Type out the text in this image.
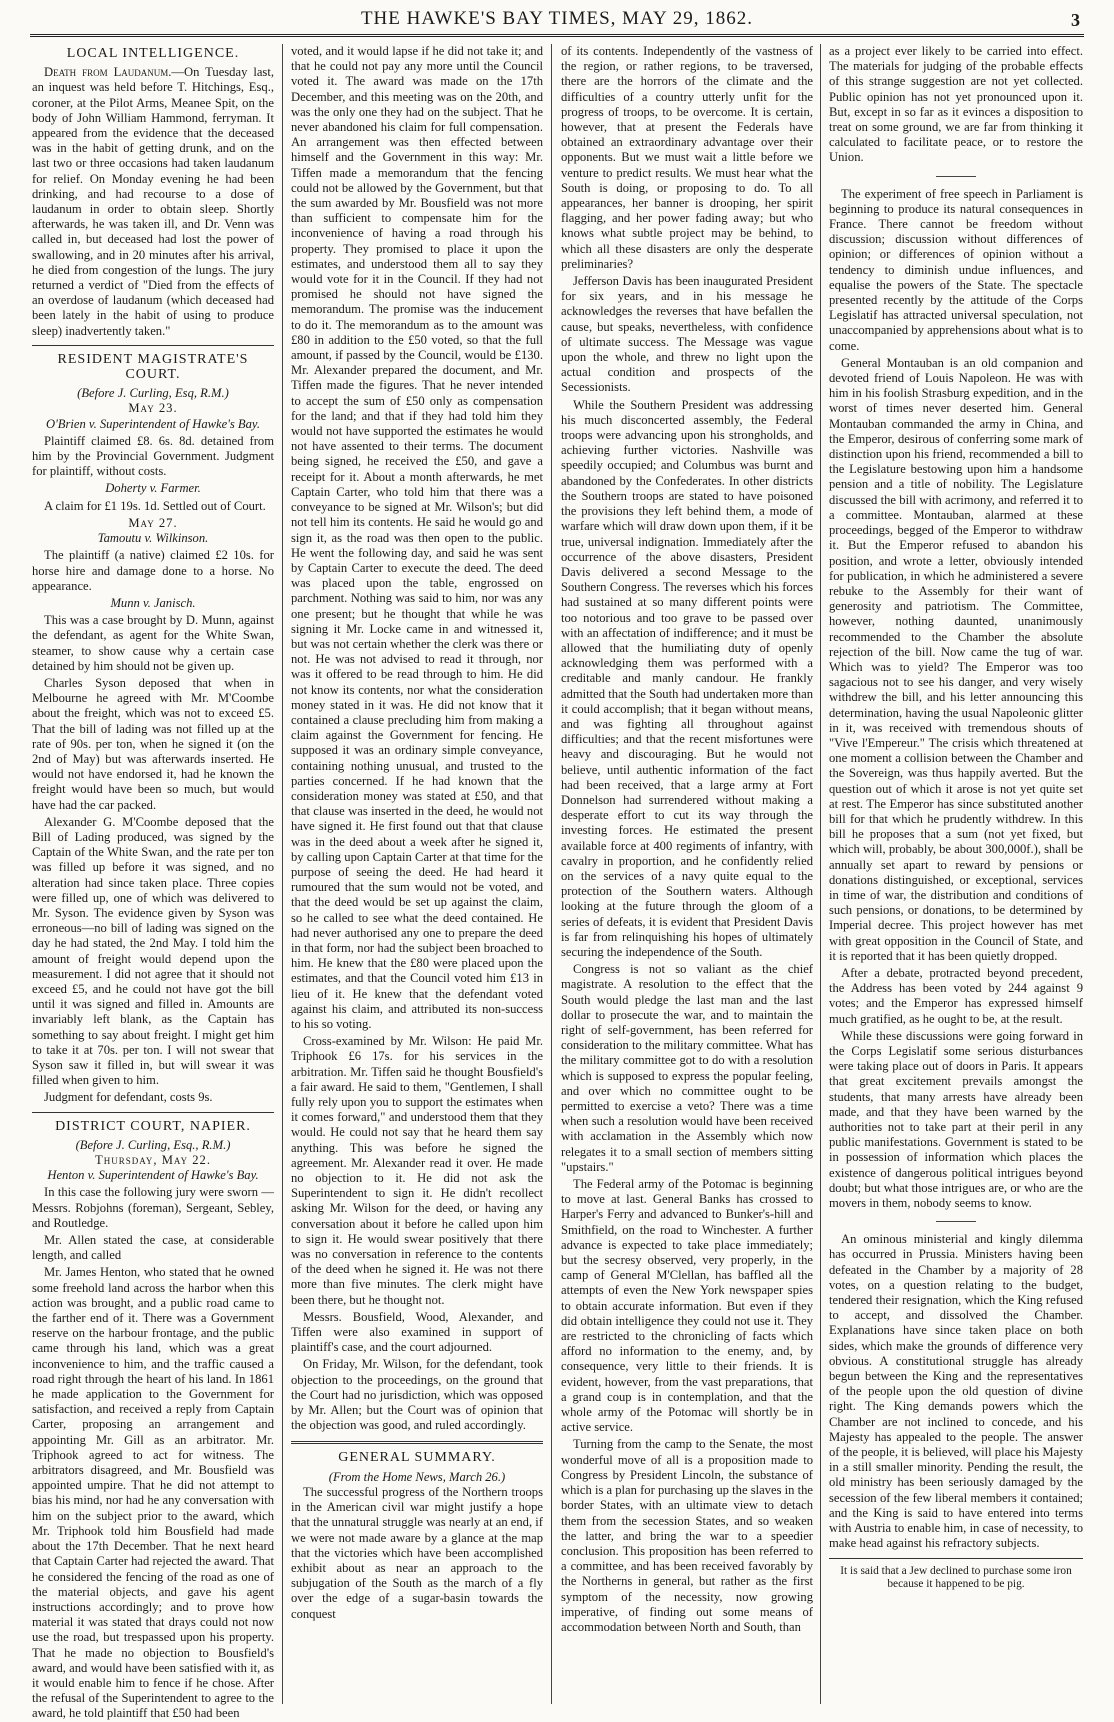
THE HAWKE'S BAY TIMES, MAY 29, 1862.	3
LOCAL INTELLIGENCE.

Death from Laudanum.—On Tuesday last, an inquest was held before T. Hitchings, Esq., coroner, at the Pilot Arms, Meanee Spit, on the body of John William Hammond, ferryman. It appeared from the evidence that the deceased was in the habit of getting drunk, and on the last two or three occasions had taken laudanum for relief. On Monday evening he had been drinking, and had recourse to a dose of laudanum in order to obtain sleep. Shortly afterwards, he was taken ill, and Dr. Venn was called in, but deceased had lost the power of swallowing, and in 20 minutes after his arrival, he died from congestion of the lungs. The jury returned a verdict of "Died from the effects of an overdose of laudanum (which deceased had been lately in the habit of using to produce sleep) inadvertently taken."

RESIDENT MAGISTRATE'S COURT.
(Before J. Curling, Esq, R.M.)
May 23.
O'Brien v. Superintendent of Hawke's Bay.

Plaintiff claimed £8. 6s. 8d. detained from him by the Provincial Government. Judgment for plaintiff, without costs.

Doherty v. Farmer.

A claim for £1 19s. 1d. Settled out of Court.

May 27.
Tamoutu v. Wilkinson.

The plaintiff (a native) claimed £2 10s. for horse hire and damage done to a horse. No appearance.

Munn v. Janisch.

This was a case brought by D. Munn, against the defendant, as agent for the White Swan, steamer, to show cause why a certain case detained by him should not be given up.

Charles Syson deposed that when in Melbourne he agreed with Mr. M'Coombe about the freight, which was not to exceed £5. That the bill of lading was not filled up at the rate of 90s. per ton, when he signed it (on the 2nd of May) but was afterwards inserted. He would not have endorsed it, had he known the freight would have been so much, but would have had the car packed.

Alexander G. M'Coombe deposed that the Bill of Lading produced, was signed by the Captain of the White Swan, and the rate per ton was filled up before it was signed, and no alteration had since taken place. Three copies were filled up, one of which was delivered to Mr. Syson. The evidence given by Syson was erroneous—no bill of lading was signed on the day he had stated, the 2nd May. I told him the amount of freight would depend upon the measurement. I did not agree that it should not exceed £5, and he could not have got the bill until it was signed and filled in. Amounts are invariably left blank, as the Captain has something to say about freight. I might get him to take it at 70s. per ton. I will not swear that Syson saw it filled in, but will swear it was filled when given to him.

Judgment for defendant, costs 9s.

DISTRICT COURT, NAPIER.
(Before J. Curling, Esq., R.M.)
Thursday, May 22.
Henton v. Superintendent of Hawke's Bay.

In this case the following jury were sworn —Messrs. Robjohns (foreman), Sergeant, Sebley, and Routledge.

Mr. Allen stated the case, at considerable length, and called

Mr. James Henton, who stated that he owned some freehold land across the harbor when this action was brought, and a public road came to the farther end of it. There was a Government reserve on the harbour frontage, and the public came through his land, which was a great inconvenience to him, and the traffic caused a road right through the heart of his land. In 1861 he made application to the Government for satisfaction, and received a reply from Captain Carter, proposing an arrangement and appointing Mr. Gill as an arbitrator. Mr. Triphook agreed to act for witness. The arbitrators disagreed, and Mr. Bousfield was appointed umpire. That he did not attempt to bias his mind, nor had he any conversation with him on the subject prior to the award, which Mr. Triphook told him Bousfield had made about the 17th December. That he next heard that Captain Carter had rejected the award. That he considered the fencing of the road as one of the material objects, and gave his agent instructions accordingly; and to prove how material it was stated that drays could not now use the road, but trespassed upon his property. That he made no objection to Bousfield's award, and would have been satisfied with it, as it would enable him to fence if he chose. After the refusal of the Superintendent to agree to the award, he told plaintiff that £50 had been

voted, and it would lapse if he did not take it; and that he could not pay any more until the Council voted it. The award was made on the 17th December, and this meeting was on the 20th, and was the only one they had on the subject. That he never abandoned his claim for full compensation. An arrangement was then effected between himself and the Government in this way: Mr. Tiffen made a memorandum that the fencing could not be allowed by the Government, but that the sum awarded by Mr. Bousfield was not more than sufficient to compensate him for the inconvenience of having a road through his property. They promised to place it upon the estimates, and understood them all to say they would vote for it in the Council. If they had not promised he should not have signed the memorandum. The promise was the inducement to do it. The memorandum as to the amount was £80 in addition to the £50 voted, so that the full amount, if passed by the Council, would be £130. Mr. Alexander prepared the document, and Mr. Tiffen made the figures. That he never intended to accept the sum of £50 only as compensation for the land; and that if they had told him they would not have supported the estimates he would not have assented to their terms. The document being signed, he received the £50, and gave a receipt for it. About a month afterwards, he met Captain Carter, who told him that there was a conveyance to be signed at Mr. Wilson's; but did not tell him its contents. He said he would go and sign it, as the road was then open to the public. He went the following day, and said he was sent by Captain Carter to execute the deed. The deed was placed upon the table, engrossed on parchment. Nothing was said to him, nor was any one present; but he thought that while he was signing it Mr. Locke came in and witnessed it, but was not certain whether the clerk was there or not. He was not advised to read it through, nor was it offered to be read through to him. He did not know its contents, nor what the consideration money stated in it was. He did not know that it contained a clause precluding him from making a claim against the Government for fencing. He supposed it was an ordinary simple conveyance, containing nothing unusual, and trusted to the parties concerned. If he had known that the consideration money was stated at £50, and that that clause was inserted in the deed, he would not have signed it. He first found out that that clause was in the deed about a week after he signed it, by calling upon Captain Carter at that time for the purpose of seeing the deed. He had heard it rumoured that the sum would not be voted, and that the deed would be set up against the claim, so he called to see what the deed contained. He had never authorised any one to prepare the deed in that form, nor had the subject been broached to him. He knew that the £80 were placed upon the estimates, and that the Council voted him £13 in lieu of it. He knew that the defendant voted against his claim, and attributed its non-success to his so voting.

Cross-examined by Mr. Wilson: He paid Mr. Triphook £6 17s. for his services in the arbitration. Mr. Tiffen said he thought Bousfield's a fair award. He said to them, "Gentlemen, I shall fully rely upon you to support the estimates when it comes forward," and understood them that they would. He could not say that he heard them say anything. This was before he signed the agreement. Mr. Alexander read it over. He made no objection to it. He did not ask the Superintendent to sign it. He didn't recollect asking Mr. Wilson for the deed, or having any conversation about it before he called upon him to sign it. He would swear positively that there was no conversation in reference to the contents of the deed when he signed it. He was not there more than five minutes. The clerk might have been there, but he thought not.

Messrs. Bousfield, Wood, Alexander, and Tiffen were also examined in support of plaintiff's case, and the court adjourned.

On Friday, Mr. Wilson, for the defendant, took objection to the proceedings, on the ground that the Court had no jurisdiction, which was opposed by Mr. Allen; but the Court was of opinion that the objection was good, and ruled accordingly.

GENERAL SUMMARY.
(From the Home News, March 26.)

The successful progress of the Northern troops in the American civil war might justify a hope that the unnatural struggle was nearly at an end, if we were not made aware by a glance at the map that the victories which have been accomplished exhibit about as near an approach to the subjugation of the South as the march of a fly over the edge of a sugar-basin towards the conquest

of its contents. Independently of the vastness of the region, or rather regions, to be traversed, there are the horrors of the climate and the difficulties of a country utterly unfit for the progress of troops, to be overcome. It is certain, however, that at present the Federals have obtained an extraordinary advantage over their opponents. But we must wait a little before we venture to predict results. We must hear what the South is doing, or proposing to do. To all appearances, her banner is drooping, her spirit flagging, and her power fading away; but who knows what subtle project may be behind, to which all these disasters are only the desperate preliminaries?

Jefferson Davis has been inaugurated President for six years, and in his message he acknowledges the reverses that have befallen the cause, but speaks, nevertheless, with confidence of ultimate success. The Message was vague upon the whole, and threw no light upon the actual condition and prospects of the Secessionists.

While the Southern President was addressing his much disconcerted assembly, the Federal troops were advancing upon his strongholds, and achieving further victories. Nashville was speedily occupied; and Columbus was burnt and abandoned by the Confederates. In other districts the Southern troops are stated to have poisoned the provisions they left behind them, a mode of warfare which will draw down upon them, if it be true, universal indignation. Immediately after the occurrence of the above disasters, President Davis delivered a second Message to the Southern Congress. The reverses which his forces had sustained at so many different points were too notorious and too grave to be passed over with an affectation of indifference; and it must be allowed that the humiliating duty of openly acknowledging them was performed with a creditable and manly candour. He frankly admitted that the South had undertaken more than it could accomplish; that it began without means, and was fighting all throughout against difficulties; and that the recent misfortunes were heavy and discouraging. But he would not believe, until authentic information of the fact had been received, that a large army at Fort Donnelson had surrendered without making a desperate effort to cut its way through the investing forces. He estimated the present available force at 400 regiments of infantry, with cavalry in proportion, and he confidently relied on the services of a navy quite equal to the protection of the Southern waters. Although looking at the future through the gloom of a series of defeats, it is evident that President Davis is far from relinquishing his hopes of ultimately securing the independence of the South.

Congress is not so valiant as the chief magistrate. A resolution to the effect that the South would pledge the last man and the last dollar to prosecute the war, and to maintain the right of self-government, has been referred for consideration to the military committee. What has the military committee got to do with a resolution which is supposed to express the popular feeling, and over which no committee ought to be permitted to exercise a veto? There was a time when such a resolution would have been received with acclamation in the Assembly which now relegates it to a small section of members sitting "upstairs."

The Federal army of the Potomac is beginning to move at last. General Banks has crossed to Harper's Ferry and advanced to Bunker's-hill and Smithfield, on the road to Winchester. A further advance is expected to take place immediately; but the secresy observed, very properly, in the camp of General M'Clellan, has baffled all the attempts of even the New York newspaper spies to obtain accurate information. But even if they did obtain intelligence they could not use it. They are restricted to the chronicling of facts which afford no information to the enemy, and, by consequence, very little to their friends. It is evident, however, from the vast preparations, that a grand coup is in contemplation, and that the whole army of the Potomac will shortly be in active service.

Turning from the camp to the Senate, the most wonderful move of all is a proposition made to Congress by President Lincoln, the substance of which is a plan for purchasing up the slaves in the border States, with an ultimate view to detach them from the secession States, and so weaken the latter, and bring the war to a speedier conclusion. This proposition has been referred to a committee, and has been received favorably by the Northerns in general, but rather as the first symptom of the necessity, now growing imperative, of finding out some means of accommodation between North and South, than

as a project ever likely to be carried into effect. The materials for judging of the probable effects of this strange suggestion are not yet collected. Public opinion has not yet pronounced upon it. But, except in so far as it evinces a disposition to treat on some ground, we are far from thinking it calculated to facilitate peace, or to restore the Union.

The experiment of free speech in Parliament is beginning to produce its natural consequences in France. There cannot be freedom without discussion; discussion without differences of opinion; or differences of opinion without a tendency to diminish undue influences, and equalise the powers of the State. The spectacle presented recently by the attitude of the Corps Legislatif has attracted universal speculation, not unaccompanied by apprehensions about what is to come.

General Montauban is an old companion and devoted friend of Louis Napoleon. He was with him in his foolish Strasburg expedition, and in the worst of times never deserted him. General Montauban commanded the army in China, and the Emperor, desirous of conferring some mark of distinction upon his friend, recommended a bill to the Legislature bestowing upon him a handsome pension and a title of nobility. The Legislature discussed the bill with acrimony, and referred it to a committee. Montauban, alarmed at these proceedings, begged of the Emperor to withdraw it. But the Emperor refused to abandon his position, and wrote a letter, obviously intended for publication, in which he administered a severe rebuke to the Assembly for their want of generosity and patriotism. The Committee, however, nothing daunted, unanimously recommended to the Chamber the absolute rejection of the bill. Now came the tug of war. Which was to yield? The Emperor was too sagacious not to see his danger, and very wisely withdrew the bill, and his letter announcing this determination, having the usual Napoleonic glitter in it, was received with tremendous shouts of "Vive l'Empereur." The crisis which threatened at one moment a collision between the Chamber and the Sovereign, was thus happily averted. But the question out of which it arose is not yet quite set at rest. The Emperor has since substituted another bill for that which he prudently withdrew. In this bill he proposes that a sum (not yet fixed, but which will, probably, be about 300,000f.), shall be annually set apart to reward by pensions or donations distinguished, or exceptional, services in time of war, the distribution and conditions of such pensions, or donations, to be determined by Imperial decree. This project however has met with great opposition in the Council of State, and it is reported that it has been quietly dropped.

After a debate, protracted beyond precedent, the Address has been voted by 244 against 9 votes; and the Emperor has expressed himself much gratified, as he ought to be, at the result.

While these discussions were going forward in the Corps Legislatif some serious disturbances were taking place out of doors in Paris. It appears that great excitement prevails amongst the students, that many arrests have already been made, and that they have been warned by the authorities not to take part at their peril in any public manifestations. Government is stated to be in possession of information which places the existence of dangerous political intrigues beyond doubt; but what those intrigues are, or who are the movers in them, nobody seems to know.

An ominous ministerial and kingly dilemma has occurred in Prussia. Ministers having been defeated in the Chamber by a majority of 28 votes, on a question relating to the budget, tendered their resignation, which the King refused to accept, and dissolved the Chamber. Explanations have since taken place on both sides, which make the grounds of difference very obvious. A constitutional struggle has already begun between the King and the representatives of the people upon the old question of divine right. The King demands powers which the Chamber are not inclined to concede, and his Majesty has appealed to the people. The answer of the people, it is believed, will place his Majesty in a still smaller minority. Pending the result, the old ministry has been seriously damaged by the secession of the few liberal members it contained; and the King is said to have entered into terms with Austria to enable him, in case of necessity, to make head against his refractory subjects.

It is said that a Jew declined to purchase some iron because it happened to be pig.
